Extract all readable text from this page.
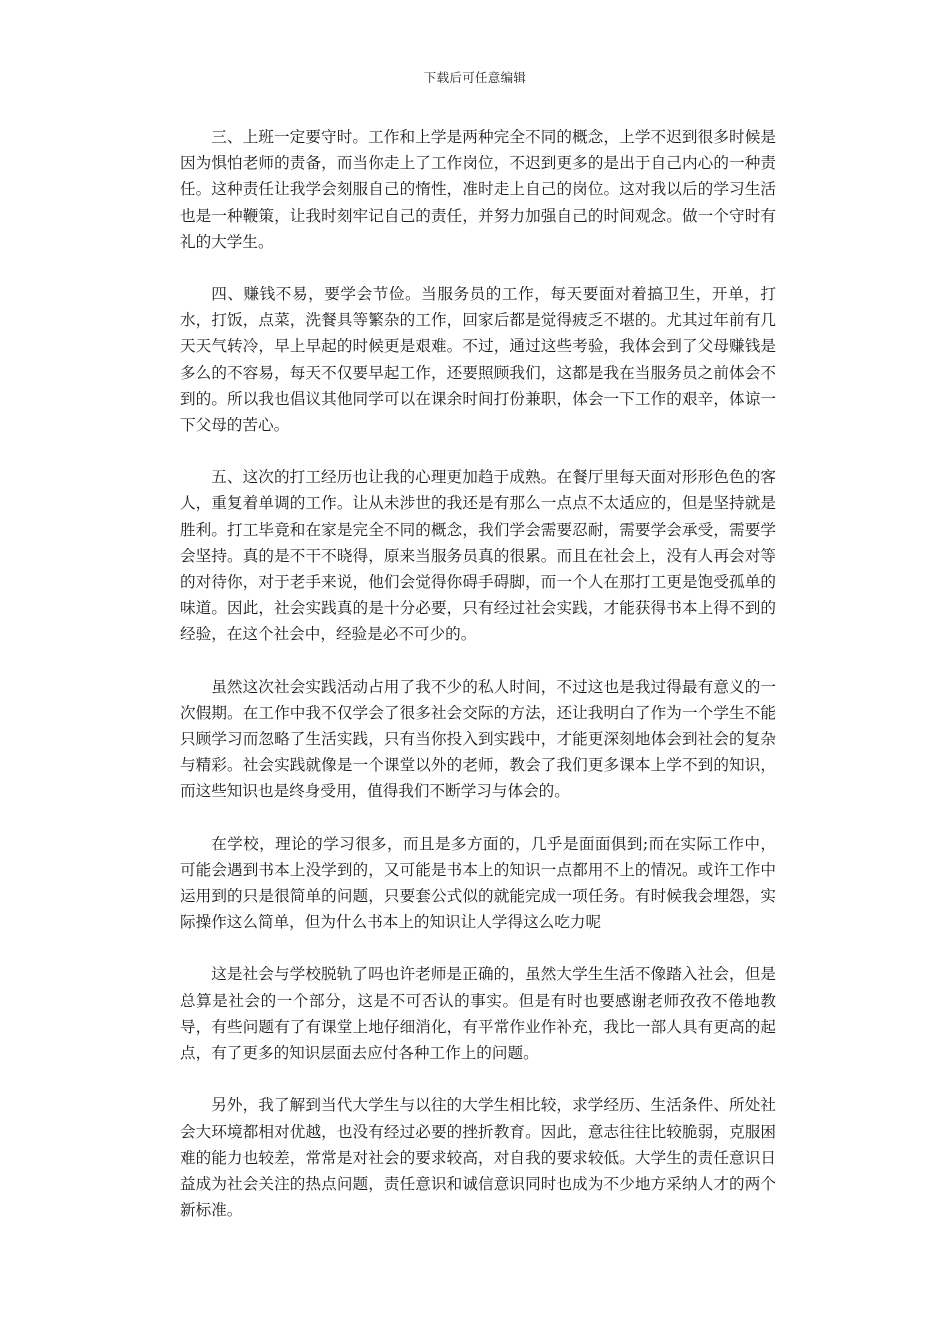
下载后可任意编辑

三、上班一定要守时。工作和上学是两种完全不同的概念，上学不迟到很多时候是因为惧怕老师的责备，而当你走上了工作岗位，不迟到更多的是出于自己内心的一种责任。这种责任让我学会刻服自己的惰性，准时走上自己的岗位。这对我以后的学习生活也是一种鞭策，让我时刻牢记自己的责任，并努力加强自己的时间观念。做一个守时有礼的大学生。

四、赚钱不易，要学会节俭。当服务员的工作，每天要面对着搞卫生，开单，打水，打饭，点菜，洗餐具等繁杂的工作，回家后都是觉得疲乏不堪的。尤其过年前有几天天气转冷，早上早起的时候更是艰难。不过，通过这些考验，我体会到了父母赚钱是多么的不容易，每天不仅要早起工作，还要照顾我们，这都是我在当服务员之前体会不到的。所以我也倡议其他同学可以在课余时间打份兼职，体会一下工作的艰辛，体谅一下父母的苦心。

五、这次的打工经历也让我的心理更加趋于成熟。在餐厅里每天面对形形色色的客人，重复着单调的工作。让从未涉世的我还是有那么一点点不太适应的，但是坚持就是胜利。打工毕竟和在家是完全不同的概念，我们学会需要忍耐，需要学会承受，需要学会坚持。真的是不干不晓得，原来当服务员真的很累。而且在社会上，没有人再会对等的对待你，对于老手来说，他们会觉得你碍手碍脚，而一个人在那打工更是饱受孤单的味道。因此，社会实践真的是十分必要，只有经过社会实践，才能获得书本上得不到的经验，在这个社会中，经验是必不可少的。

虽然这次社会实践活动占用了我不少的私人时间，不过这也是我过得最有意义的一次假期。在工作中我不仅学会了很多社会交际的方法，还让我明白了作为一个学生不能只顾学习而忽略了生活实践，只有当你投入到实践中，才能更深刻地体会到社会的复杂与精彩。社会实践就像是一个课堂以外的老师，教会了我们更多课本上学不到的知识，而这些知识也是终身受用，值得我们不断学习与体会的。

在学校，理论的学习很多，而且是多方面的，几乎是面面俱到;而在实际工作中，可能会遇到书本上没学到的，又可能是书本上的知识一点都用不上的情况。或许工作中运用到的只是很简单的问题，只要套公式似的就能完成一项任务。有时候我会埋怨，实际操作这么简单，但为什么书本上的知识让人学得这么吃力呢

这是社会与学校脱轨了吗也许老师是正确的，虽然大学生生活不像踏入社会，但是总算是社会的一个部分，这是不可否认的事实。但是有时也要感谢老师孜孜不倦地教导，有些问题有了有课堂上地仔细消化，有平常作业作补充，我比一部人具有更高的起点，有了更多的知识层面去应付各种工作上的问题。

另外，我了解到当代大学生与以往的大学生相比较，求学经历、生活条件、所处社会大环境都相对优越，也没有经过必要的挫折教育。因此，意志往往比较脆弱，克服困难的能力也较差，常常是对社会的要求较高，对自我的要求较低。大学生的责任意识日益成为社会关注的热点问题，责任意识和诚信意识同时也成为不少地方采纳人才的两个新标准。
